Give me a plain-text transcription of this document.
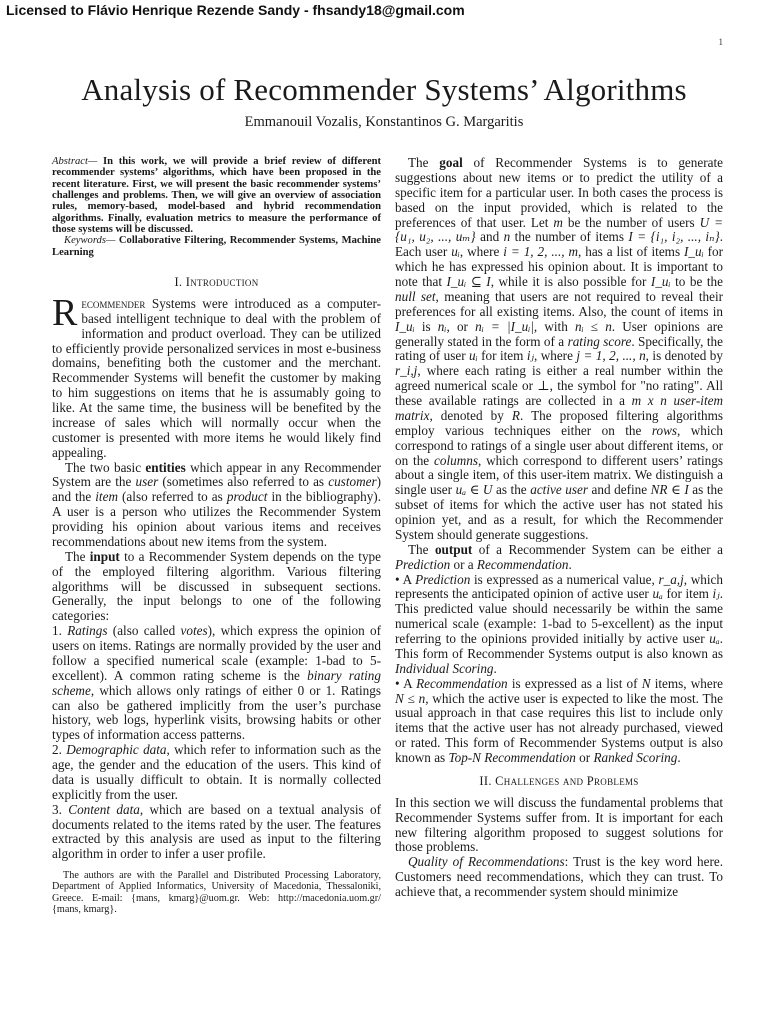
Licensed to Flávio Henrique Rezende Sandy - fhsandy18@gmail.com
1
Analysis of Recommender Systems’ Algorithms
Emmanouil Vozalis, Konstantinos G. Margaritis

Abstract— In this work, we will provide a brief review of different recommender systems’ algorithms, which have been proposed in the recent literature. First, we will present the basic recommender systems’ challenges and problems. Then, we will give an overview of association rules, memory-based, model-based and hybrid recommendation algorithms. Finally, evaluation metrics to measure the performance of those systems will be discussed.

Keywords— Collaborative Filtering, Recommender Systems, Machine Learning

I. Introduction

Recommender Systems were introduced as a computer-based intelligent technique to deal with the problem of information and product overload. They can be utilized to efficiently provide personalized services in most e-business domains, benefiting both the customer and the merchant. Recommender Systems will benefit the customer by making to him suggestions on items that he is assumably going to like. At the same time, the business will be benefited by the increase of sales which will normally occur when the customer is presented with more items he would likely find appealing.

The two basic entities which appear in any Recommender System are the user (sometimes also referred to as customer) and the item (also referred to as product in the bibliography). A user is a person who utilizes the Recommender System providing his opinion about various items and receives recommendations about new items from the system.

The input to a Recommender System depends on the type of the employed filtering algorithm. Various filtering algorithms will be discussed in subsequent sections. Generally, the input belongs to one of the following categories:

1. Ratings (also called votes), which express the opinion of users on items. Ratings are normally provided by the user and follow a specified numerical scale (example: 1-bad to 5-excellent). A common rating scheme is the binary rating scheme, which allows only ratings of either 0 or 1. Ratings can also be gathered implicitly from the user’s purchase history, web logs, hyperlink visits, browsing habits or other types of information access patterns.

2. Demographic data, which refer to information such as the age, the gender and the education of the users. This kind of data is usually difficult to obtain. It is normally collected explicitly from the user.

3. Content data, which are based on a textual analysis of documents related to the items rated by the user. The features extracted by this analysis are used as input to the filtering algorithm in order to infer a user profile.

The authors are with the Parallel and Distributed Processing Laboratory, Department of Applied Informatics, University of Macedonia, Thessaloniki, Greece. E-mail: {mans, kmarg}@uom.gr. Web: http://macedonia.uom.gr/ {mans, kmarg}.

The goal of Recommender Systems is to generate suggestions about new items or to predict the utility of a specific item for a particular user. In both cases the process is based on the input provided, which is related to the preferences of that user. Let m be the number of users U = {u₁, u₂, ..., uₘ} and n the number of items I = {i₁, i₂, ..., iₙ}. Each user uᵢ, where i = 1, 2, ..., m, has a list of items I_uᵢ for which he has expressed his opinion about. It is important to note that I_uᵢ ⊆ I, while it is also possible for I_uᵢ to be the null set, meaning that users are not required to reveal their preferences for all existing items. Also, the count of items in I_uᵢ is nᵢ, or nᵢ = |I_uᵢ|, with nᵢ ≤ n. User opinions are generally stated in the form of a rating score. Specifically, the rating of user uᵢ for item iⱼ, where j = 1, 2, ..., n, is denoted by r_i,j, where each rating is either a real number within the agreed numerical scale or ⊥, the symbol for "no rating". All these available ratings are collected in a m x n user-item matrix, denoted by R. The proposed filtering algorithms employ various techniques either on the rows, which correspond to ratings of a single user about different items, or on the columns, which correspond to different users’ ratings about a single item, of this user-item matrix. We distinguish a single user uₐ ∈ U as the active user and define NR ∈ I as the subset of items for which the active user has not stated his opinion yet, and as a result, for which the Recommender System should generate suggestions.

The output of a Recommender System can be either a Prediction or a Recommendation.

• A Prediction is expressed as a numerical value, r_a,j, which represents the anticipated opinion of active user uₐ for item iⱼ. This predicted value should necessarily be within the same numerical scale (example: 1-bad to 5-excellent) as the input referring to the opinions provided initially by active user uₐ. This form of Recommender Systems output is also known as Individual Scoring.

• A Recommendation is expressed as a list of N items, where N ≤ n, which the active user is expected to like the most. The usual approach in that case requires this list to include only items that the active user has not already purchased, viewed or rated. This form of Recommender Systems output is also known as Top-N Recommendation or Ranked Scoring.

II. Challenges and Problems

In this section we will discuss the fundamental problems that Recommender Systems suffer from. It is important for each new filtering algorithm proposed to suggest solutions for those problems.

Quality of Recommendations: Trust is the key word here. Customers need recommendations, which they can trust. To achieve that, a recommender system should minimize
